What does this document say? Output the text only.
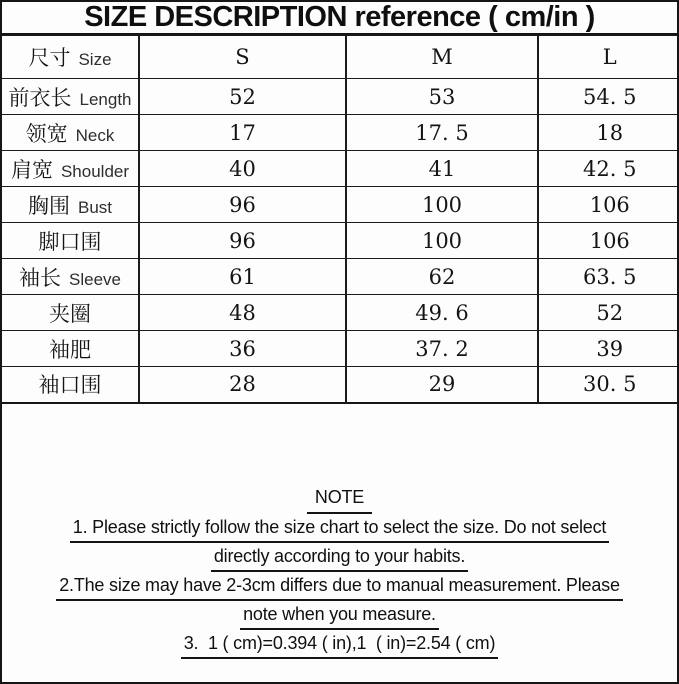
SIZE DESCRIPTION reference ( cm/in )
尺寸 Size	S	M	L
前衣长 Length	52	53	54. 5
领宽 Neck	17	17. 5	18
肩宽 Shoulder	40	41	42. 5
胸围 Bust	96	100	106
脚口围	96	100	106
袖长 Sleeve	61	62	63. 5
夹圈	48	49. 6	52
袖肥	36	37. 2	39
袖口围	28	29	30. 5
NOTE
1. Please strictly follow the size chart to select the size. Do not select
directly according to your habits.
2.The size may have 2-3cm differs due to manual measurement. Please
note when you measure.
3.  1 ( cm)=0.394 ( in),1  ( in)=2.54 ( cm)
